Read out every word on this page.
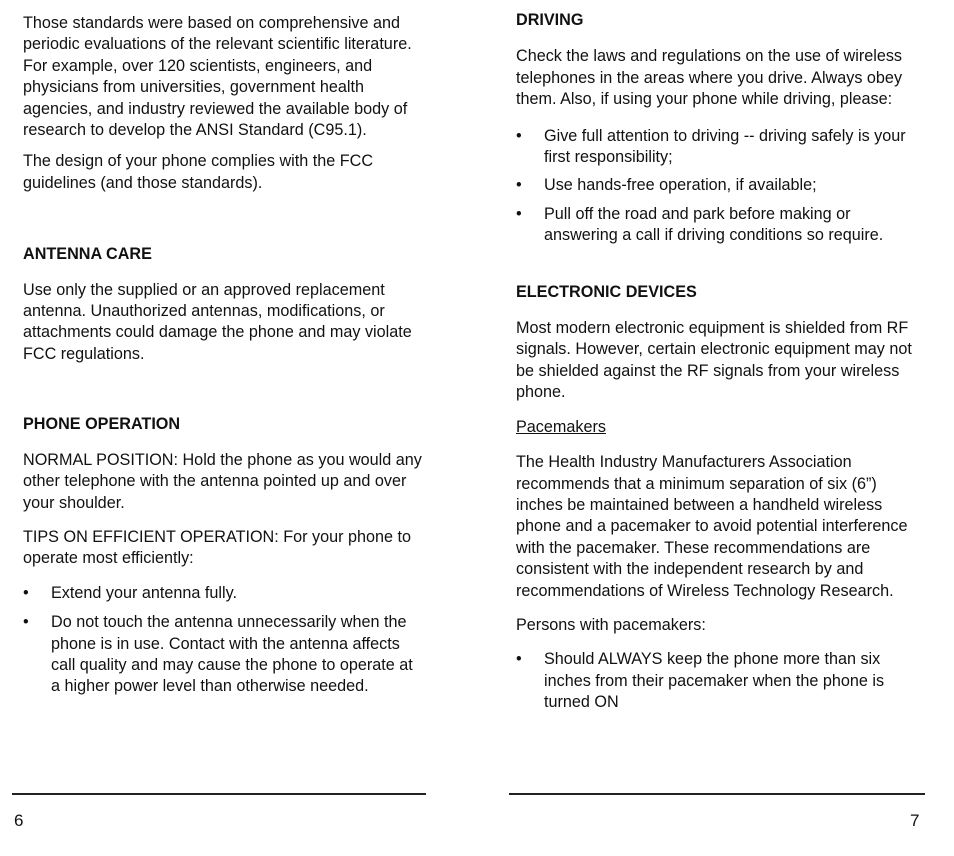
Those standards were based on comprehensive and periodic evaluations of the relevant scientific literature. For example, over 120 scientists, engineers, and physicians from universities, government health agencies, and industry reviewed the available body of research to develop the ANSI Standard (C95.1).

The design of your phone complies with the FCC guidelines (and those standards).

ANTENNA CARE

Use only the supplied or an approved replacement antenna. Unauthorized antennas, modifications, or attachments could damage the phone and may violate FCC regulations.

PHONE OPERATION

NORMAL POSITION: Hold the phone as you would any other telephone with the antenna pointed up and over your shoulder.

TIPS ON EFFICIENT OPERATION: For your phone to operate most efficiently:

• Extend your antenna fully.
• Do not touch the antenna unnecessarily when the phone is in use. Contact with the antenna affects call quality and may cause the phone to operate at a higher power level than otherwise needed.
DRIVING

Check the laws and regulations on the use of wireless telephones in the areas where you drive. Always obey them. Also, if using your phone while driving, please:

• Give full attention to driving -- driving safely is your first responsibility;
• Use hands-free operation, if available;
• Pull off the road and park before making or answering a call if driving conditions so require.
ELECTRONIC DEVICES

Most modern electronic equipment is shielded from RF signals. However, certain electronic equipment may not be shielded against the RF signals from your wireless phone.

Pacemakers

The Health Industry Manufacturers Association recommends that a minimum separation of six (6”) inches be maintained between a handheld wireless phone and a pacemaker to avoid potential interference with the pacemaker. These recommendations are consistent with the independent research by and recommendations of Wireless Technology Research.

Persons with pacemakers:

• Should ALWAYS keep the phone more than six inches from their pacemaker when the phone is turned ON
6	7
